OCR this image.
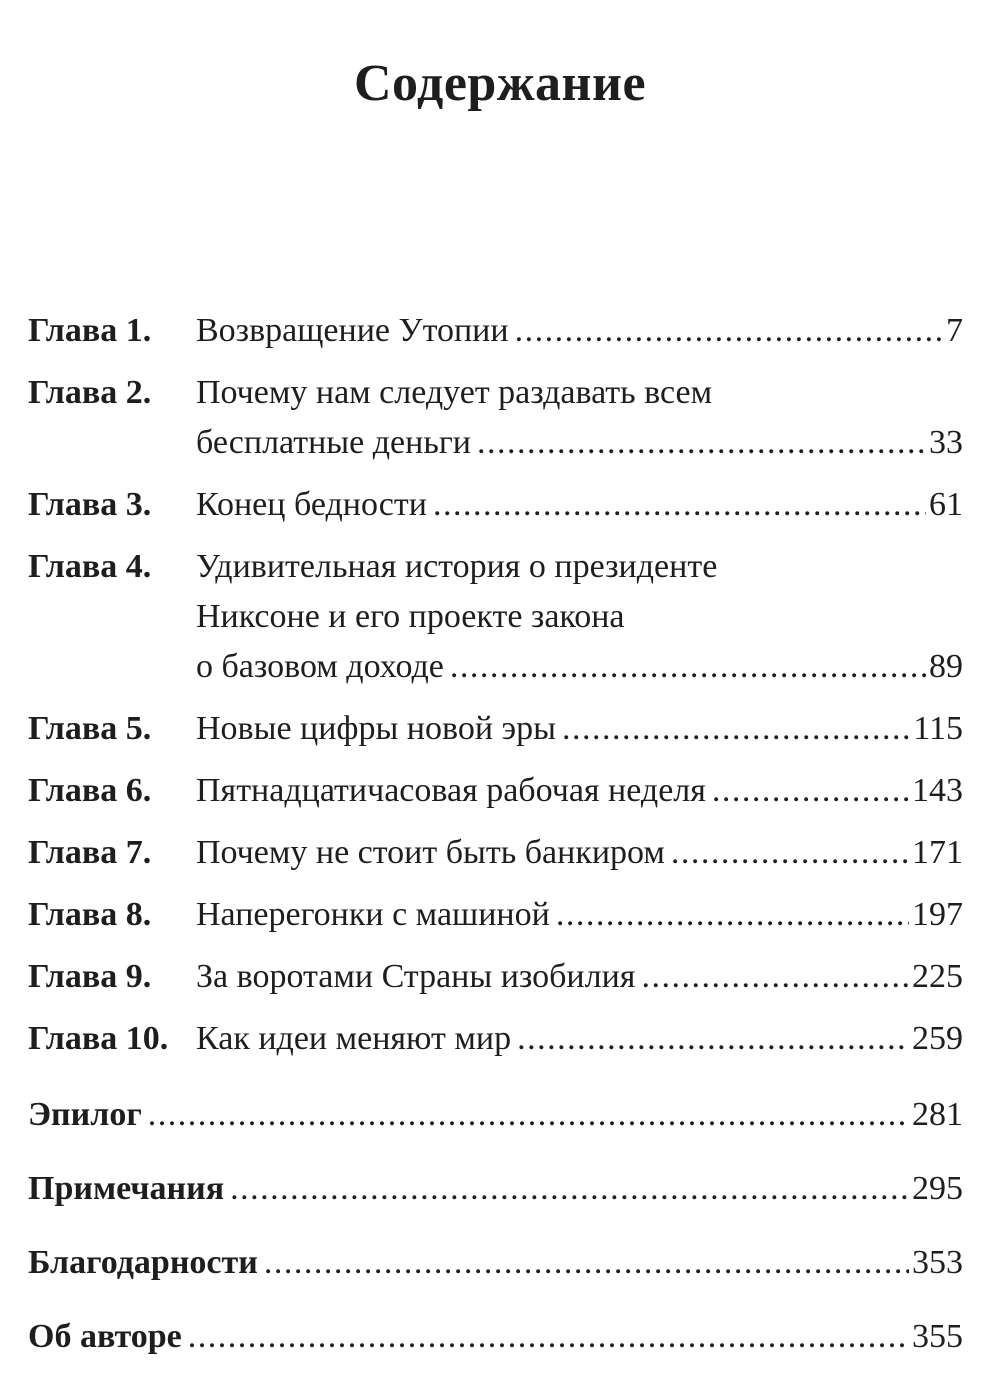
Содержание
Глава 1. Возвращение Утопии .....	7
Глава 2. Почему нам следует раздавать всем
бесплатные деньги .....	33
Глава 3. Конец бедности .....	61
Глава 4. Удивительная история о президенте
Никсоне и его проекте закона
о базовом доходе .....	89
Глава 5. Новые цифры новой эры .....	115
Глава 6. Пятнадцатичасовая рабочая неделя .....	143
Глава 7. Почему не стоит быть банкиром .....	171
Глава 8. Наперегонки с машиной .....	197
Глава 9. За воротами Страны изобилия .....	225
Глава 10. Как идеи меняют мир .....	259
Эпилог .....	281
Примечания .....	295
Благодарности .....	353
Об авторе .....	355
